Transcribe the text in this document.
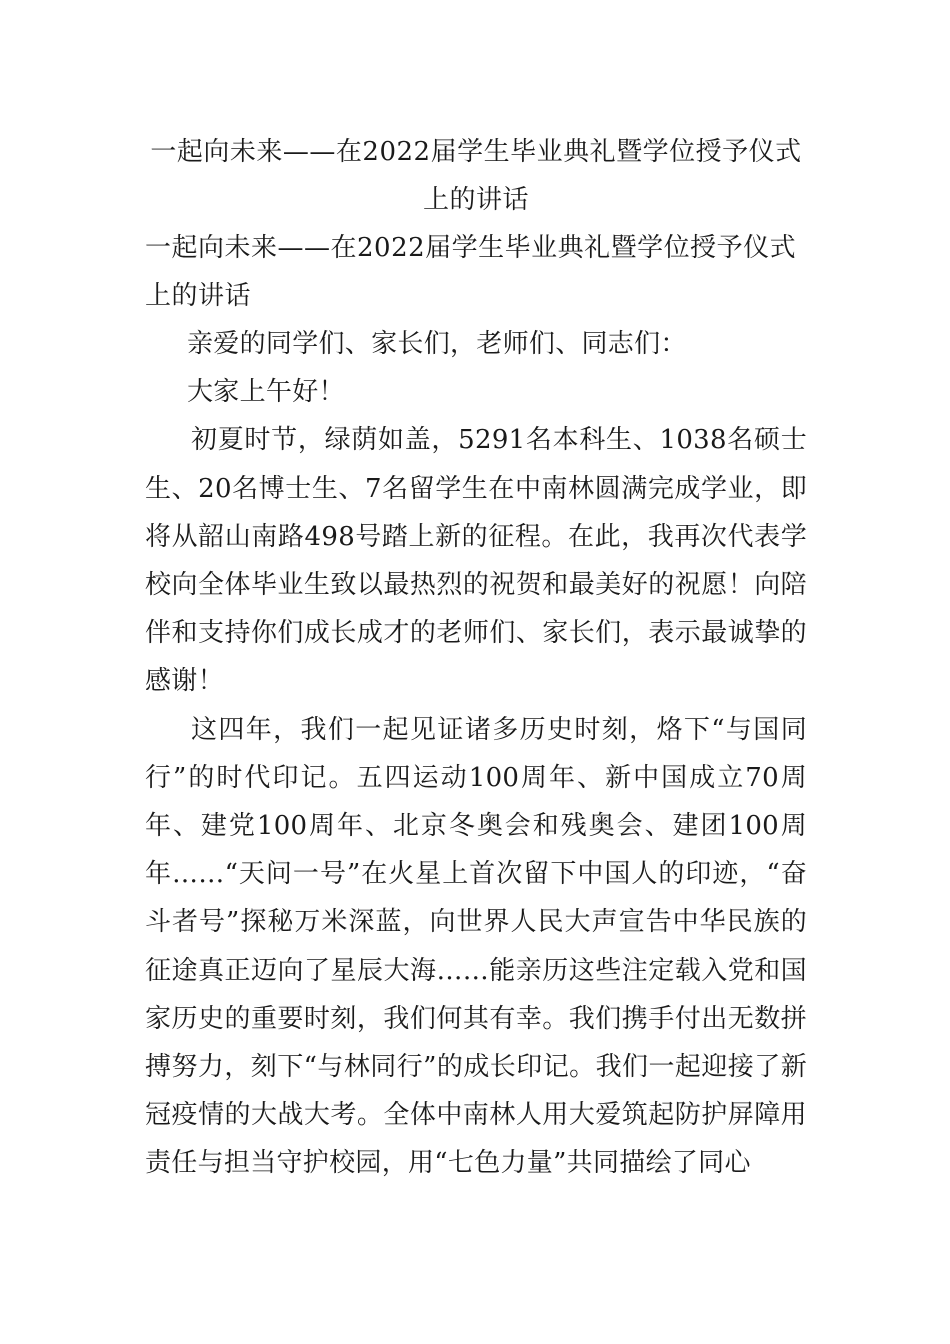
一起向未来——在2022届学生毕业典礼暨学位授予仪式上的讲话

一起向未来——在2022届学生毕业典礼暨学位授予仪式上的讲话

亲爱的同学们、家长们，老师们、同志们：

大家上午好！

初夏时节，绿荫如盖，5291名本科生、1038名硕士生、20名博士生、7名留学生在中南林圆满完成学业，即将从韶山南路498号踏上新的征程。在此，我再次代表学校向全体毕业生致以最热烈的祝贺和最美好的祝愿！向陪伴和支持你们成长成才的老师们、家长们，表示最诚挚的感谢！

这四年，我们一起见证诸多历史时刻，烙下“与国同行”的时代印记。五四运动100周年、新中国成立70周年、建党100周年、北京冬奥会和残奥会、建团100周年……“天问一号”在火星上首次留下中国人的印迹，“奋斗者号”探秘万米深蓝，向世界人民大声宣告中华民族的征途真正迈向了星辰大海……能亲历这些注定载入党和国家历史的重要时刻，我们何其有幸。我们携手付出无数拼搏努力，刻下“与林同行”的成长印记。我们一起迎接了新冠疫情的大战大考。全体中南林人用大爱筑起防护屏障用责任与担当守护校园，用“七色力量”共同描绘了同心
